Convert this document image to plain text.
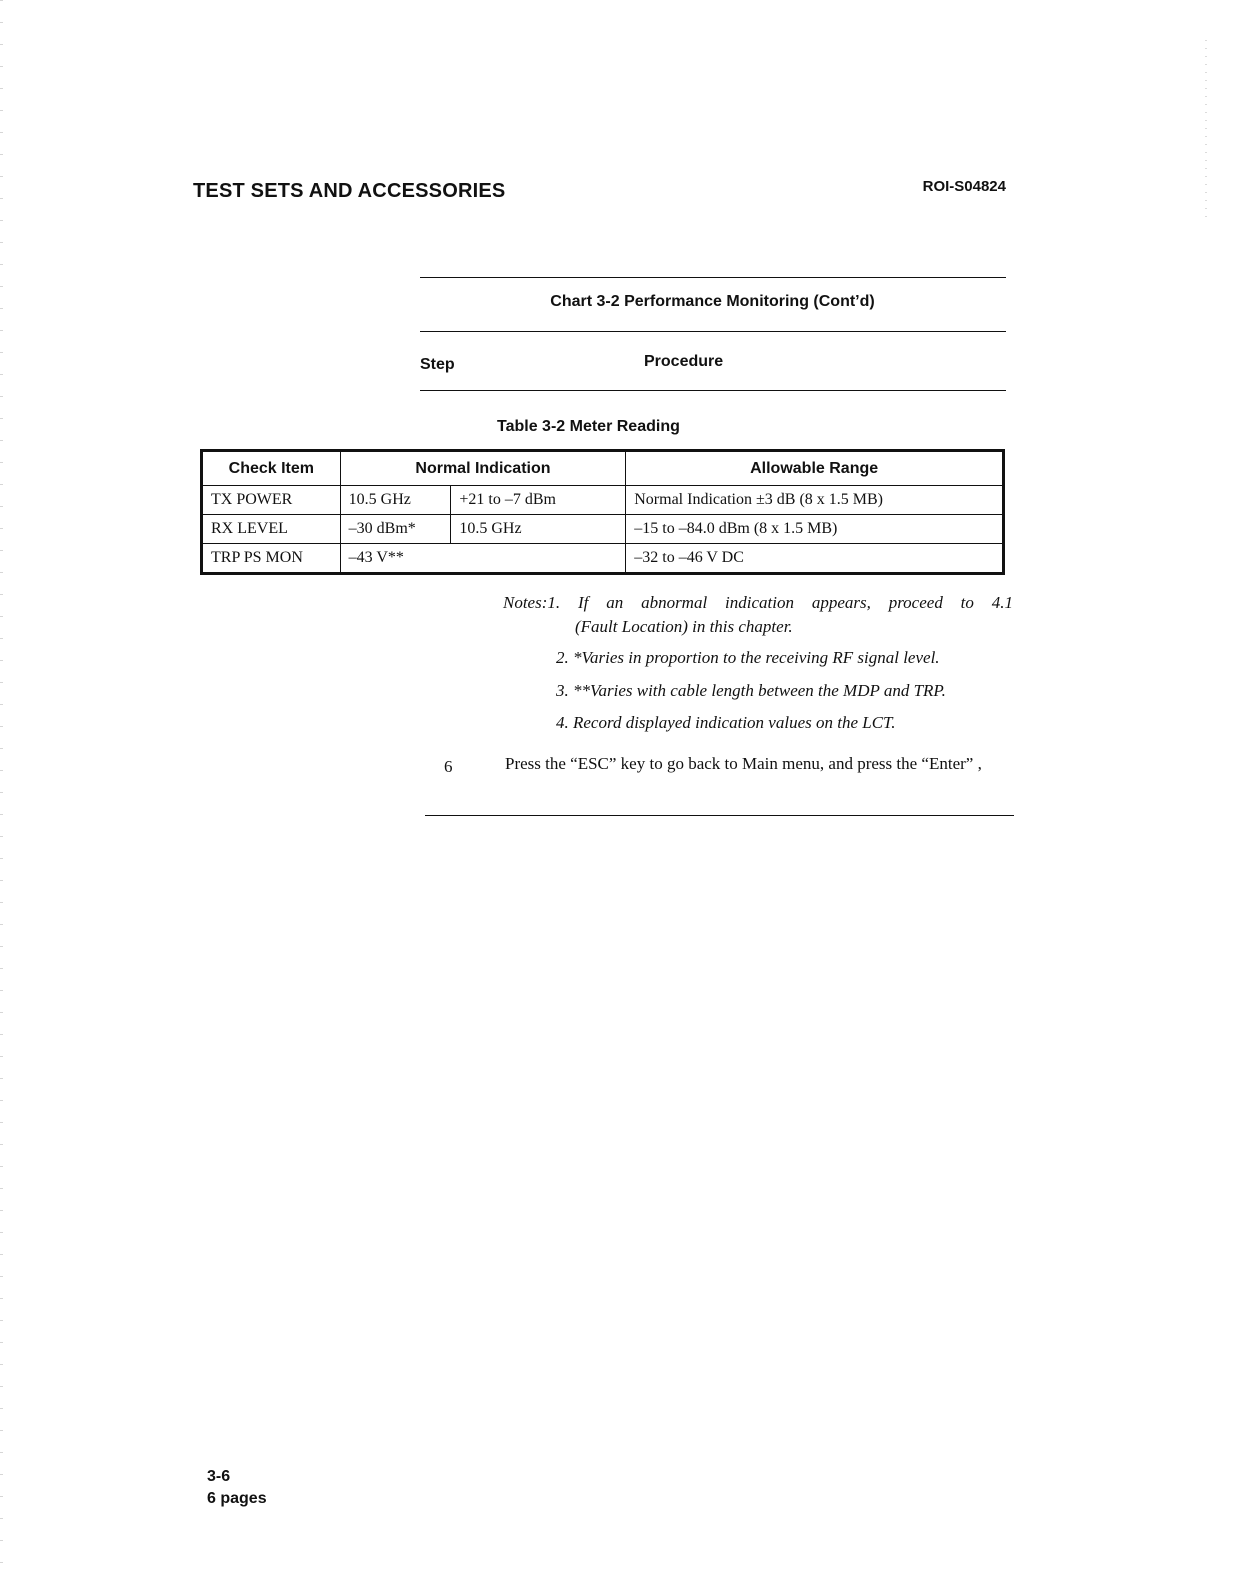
TEST SETS AND ACCESSORIES	ROI-S04824
Chart 3-2 Performance Monitoring (Cont’d)
Step	Procedure
Table 3-2 Meter Reading
Check Item	Normal Indication		Allowable Range
TX POWER	10.5 GHz	+21 to –7 dBm	Normal Indication ±3 dB (8 x 1.5 MB)
RX LEVEL	–30 dBm*	10.5 GHz	–15 to –84.0 dBm (8 x 1.5 MB)
TRP PS MON	–43 V**		–32 to –46 V DC
Notes:1. If an abnormal indication appears, proceed to 4.1
(Fault Location) in this chapter.
2. *Varies in proportion to the receiving RF signal level.
3. **Varies with cable length between the MDP and TRP.
4. Record displayed indication values on the LCT.
6	Press the “ESC” key to go back to Main menu, and press the “Enter” ,
3-6
6 pages
